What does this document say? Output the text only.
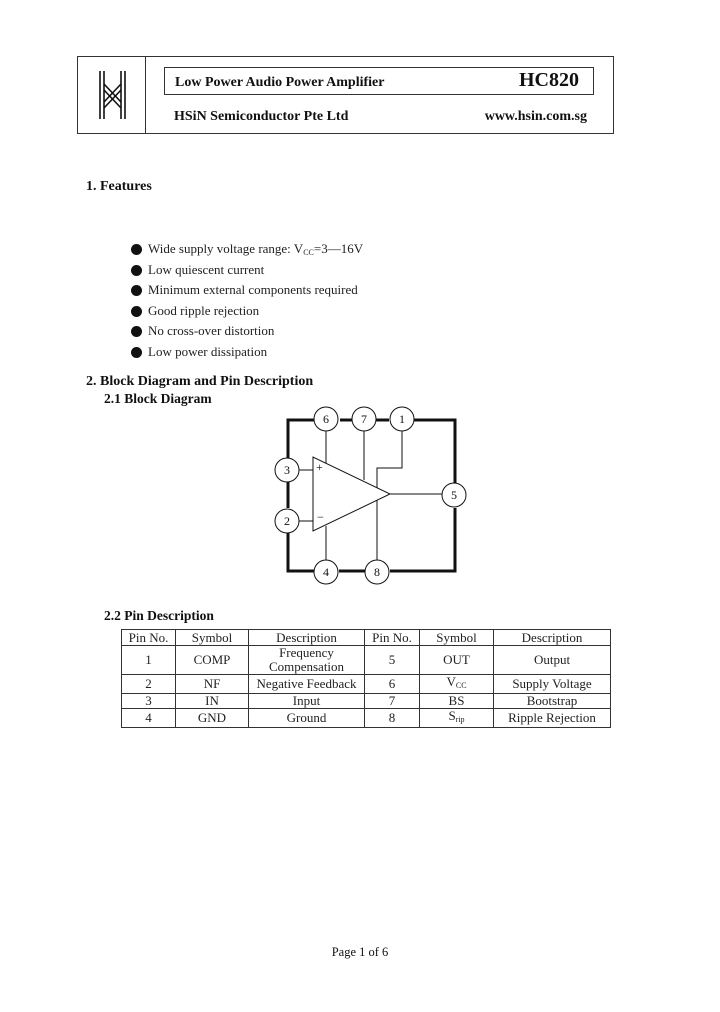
Low Power Audio Power Amplifier	HC820
HSiN Semiconductor Pte Ltd	www.hsin.com.sg
1. Features
Wide supply voltage range: $V_{CC}=3—16V$
Low quiescent current
Minimum external components required
Good ripple rejection
No cross-over distortion
Low power dissipation
2. Block Diagram and Pin Description
2.1 Block Diagram
+
−
6	7	1
3
2
5
4	8
2.2 Pin Description
Pin No.	Symbol	Description	Pin No.	Symbol	Description
1	COMP	Frequency
Compensation	5	OUT	Output
2	NF	Negative Feedback	6	$V_{CC}$	Supply Voltage
3	IN	Input	7	BS	Bootstrap
4	GND	Ground	8	$S_{rip}$	Ripple Rejection
Page 1 of 6
